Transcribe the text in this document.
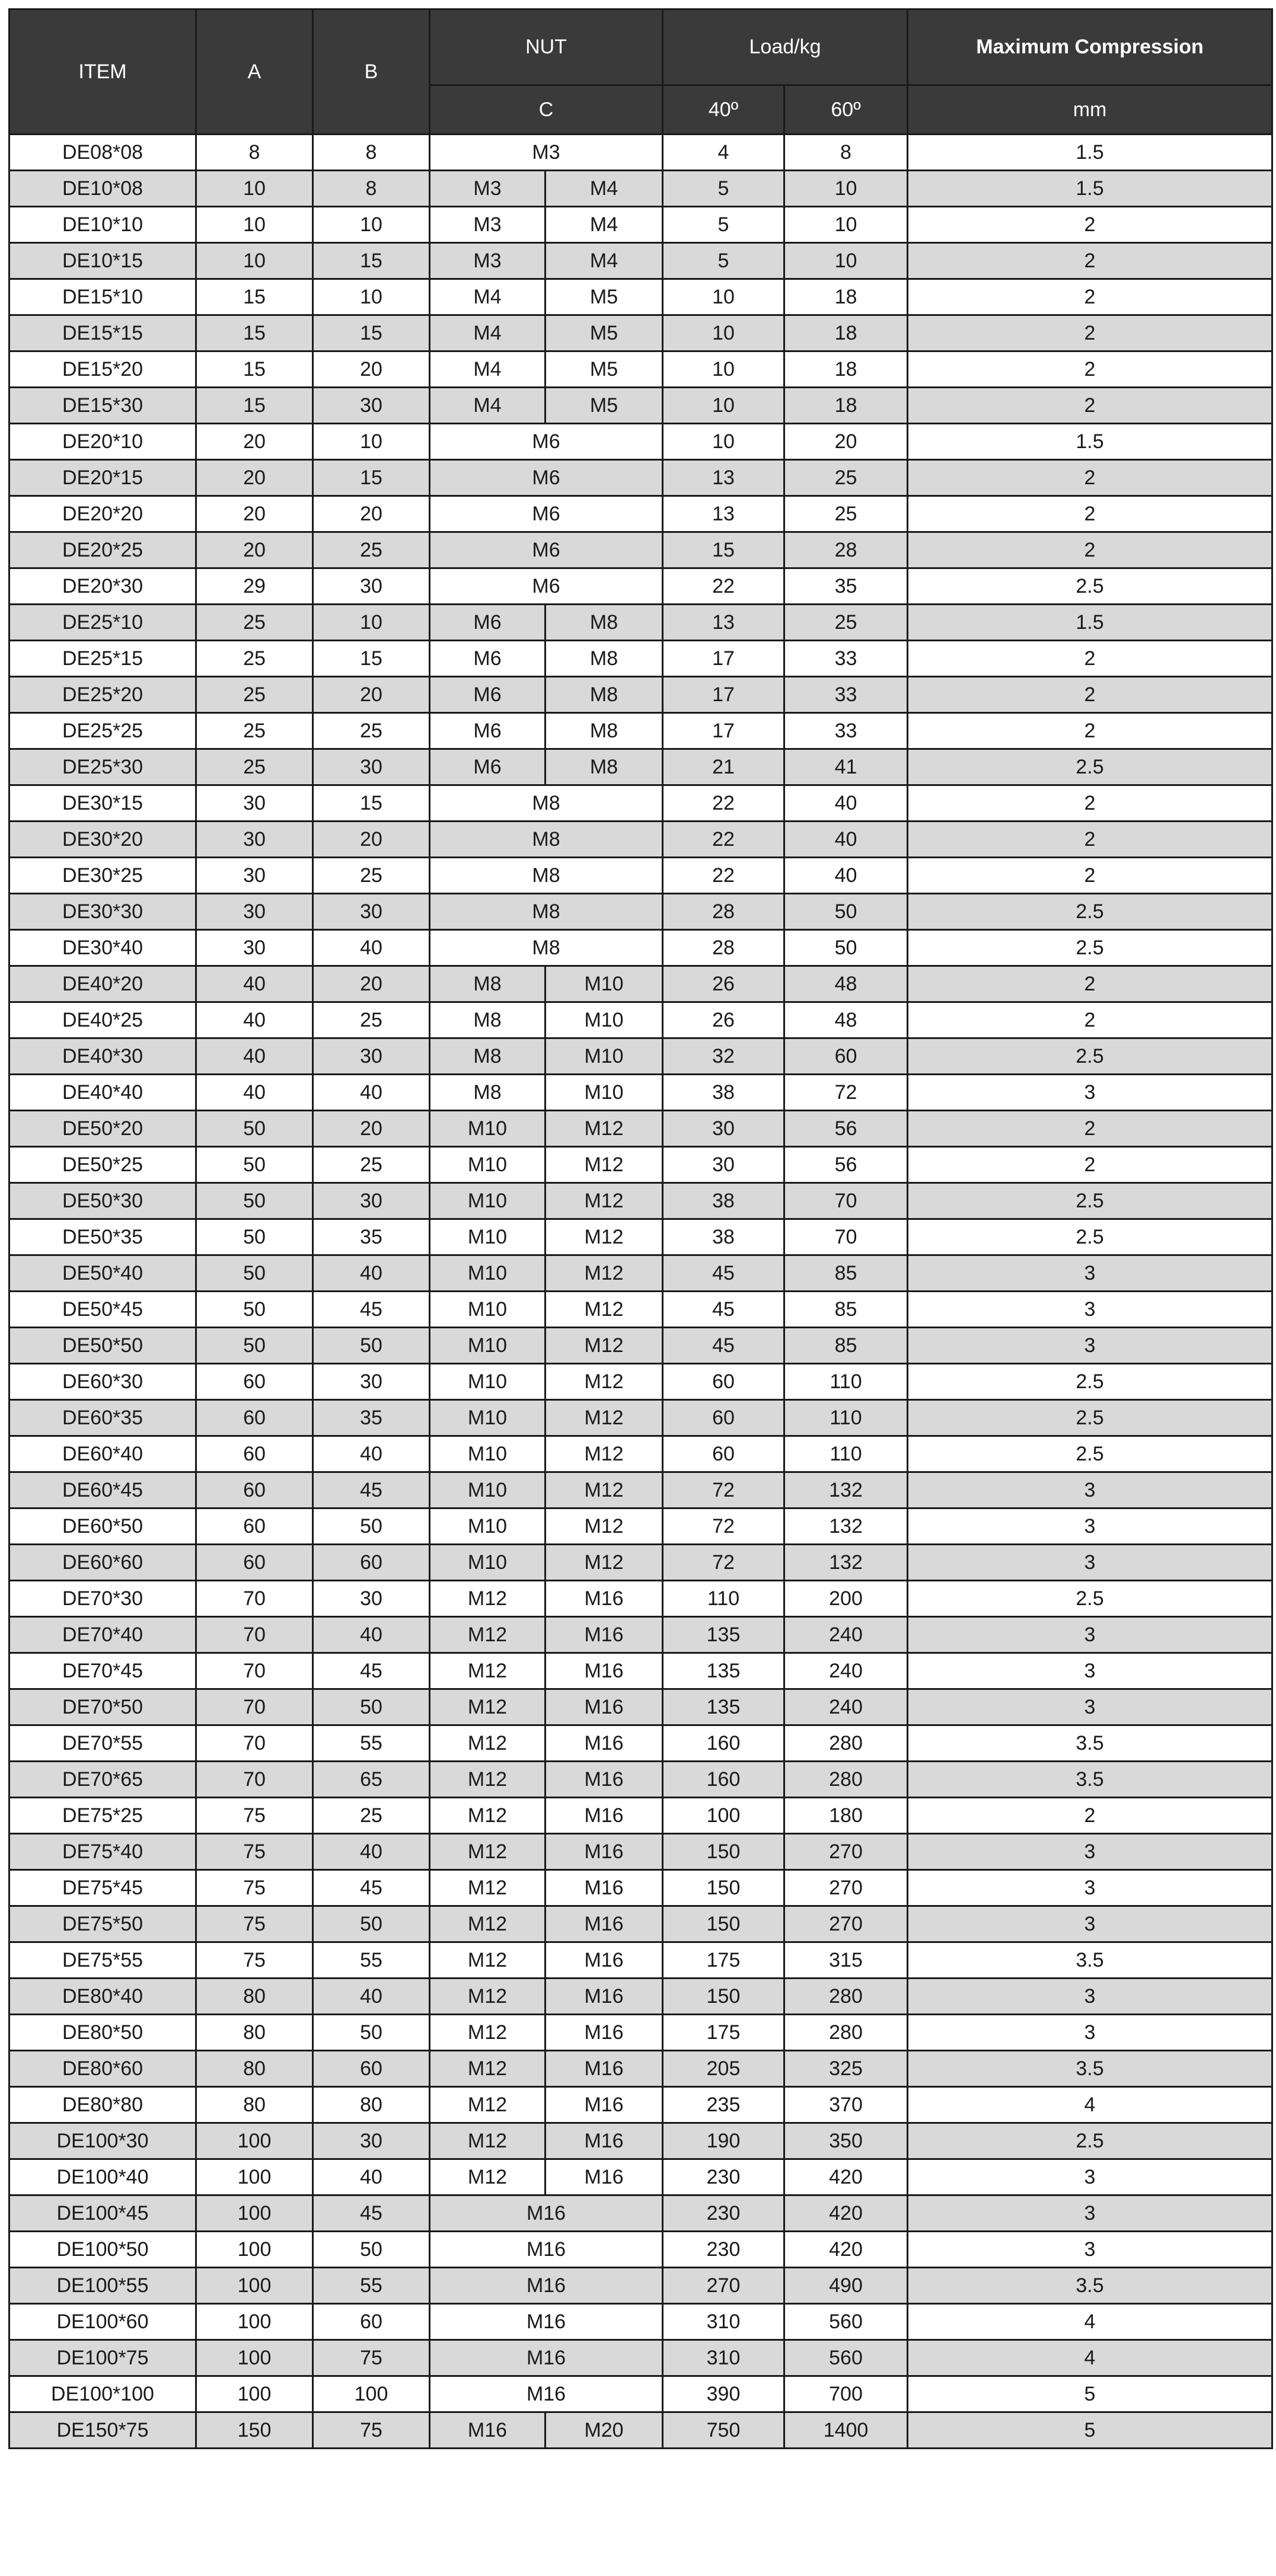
ITEM	A	B	NUT		Load/kg		Maximum Compression
			C		40º	60º	mm
DE08*08	8	8	M3		4	8	1.5
DE10*08	10	8	M3	M4	5	10	1.5
DE10*10	10	10	M3	M4	5	10	2
DE10*15	10	15	M3	M4	5	10	2
DE15*10	15	10	M4	M5	10	18	2
DE15*15	15	15	M4	M5	10	18	2
DE15*20	15	20	M4	M5	10	18	2
DE15*30	15	30	M4	M5	10	18	2
DE20*10	20	10	M6		10	20	1.5
DE20*15	20	15	M6		13	25	2
DE20*20	20	20	M6		13	25	2
DE20*25	20	25	M6		15	28	2
DE20*30	29	30	M6		22	35	2.5
DE25*10	25	10	M6	M8	13	25	1.5
DE25*15	25	15	M6	M8	17	33	2
DE25*20	25	20	M6	M8	17	33	2
DE25*25	25	25	M6	M8	17	33	2
DE25*30	25	30	M6	M8	21	41	2.5
DE30*15	30	15	M8		22	40	2
DE30*20	30	20	M8		22	40	2
DE30*25	30	25	M8		22	40	2
DE30*30	30	30	M8		28	50	2.5
DE30*40	30	40	M8		28	50	2.5
DE40*20	40	20	M8	M10	26	48	2
DE40*25	40	25	M8	M10	26	48	2
DE40*30	40	30	M8	M10	32	60	2.5
DE40*40	40	40	M8	M10	38	72	3
DE50*20	50	20	M10	M12	30	56	2
DE50*25	50	25	M10	M12	30	56	2
DE50*30	50	30	M10	M12	38	70	2.5
DE50*35	50	35	M10	M12	38	70	2.5
DE50*40	50	40	M10	M12	45	85	3
DE50*45	50	45	M10	M12	45	85	3
DE50*50	50	50	M10	M12	45	85	3
DE60*30	60	30	M10	M12	60	110	2.5
DE60*35	60	35	M10	M12	60	110	2.5
DE60*40	60	40	M10	M12	60	110	2.5
DE60*45	60	45	M10	M12	72	132	3
DE60*50	60	50	M10	M12	72	132	3
DE60*60	60	60	M10	M12	72	132	3
DE70*30	70	30	M12	M16	110	200	2.5
DE70*40	70	40	M12	M16	135	240	3
DE70*45	70	45	M12	M16	135	240	3
DE70*50	70	50	M12	M16	135	240	3
DE70*55	70	55	M12	M16	160	280	3.5
DE70*65	70	65	M12	M16	160	280	3.5
DE75*25	75	25	M12	M16	100	180	2
DE75*40	75	40	M12	M16	150	270	3
DE75*45	75	45	M12	M16	150	270	3
DE75*50	75	50	M12	M16	150	270	3
DE75*55	75	55	M12	M16	175	315	3.5
DE80*40	80	40	M12	M16	150	280	3
DE80*50	80	50	M12	M16	175	280	3
DE80*60	80	60	M12	M16	205	325	3.5
DE80*80	80	80	M12	M16	235	370	4
DE100*30	100	30	M12	M16	190	350	2.5
DE100*40	100	40	M12	M16	230	420	3
DE100*45	100	45	M16		230	420	3
DE100*50	100	50	M16		230	420	3
DE100*55	100	55	M16		270	490	3.5
DE100*60	100	60	M16		310	560	4
DE100*75	100	75	M16		310	560	4
DE100*100	100	100	M16		390	700	5
DE150*75	150	75	M16	M20	750	1400	5
